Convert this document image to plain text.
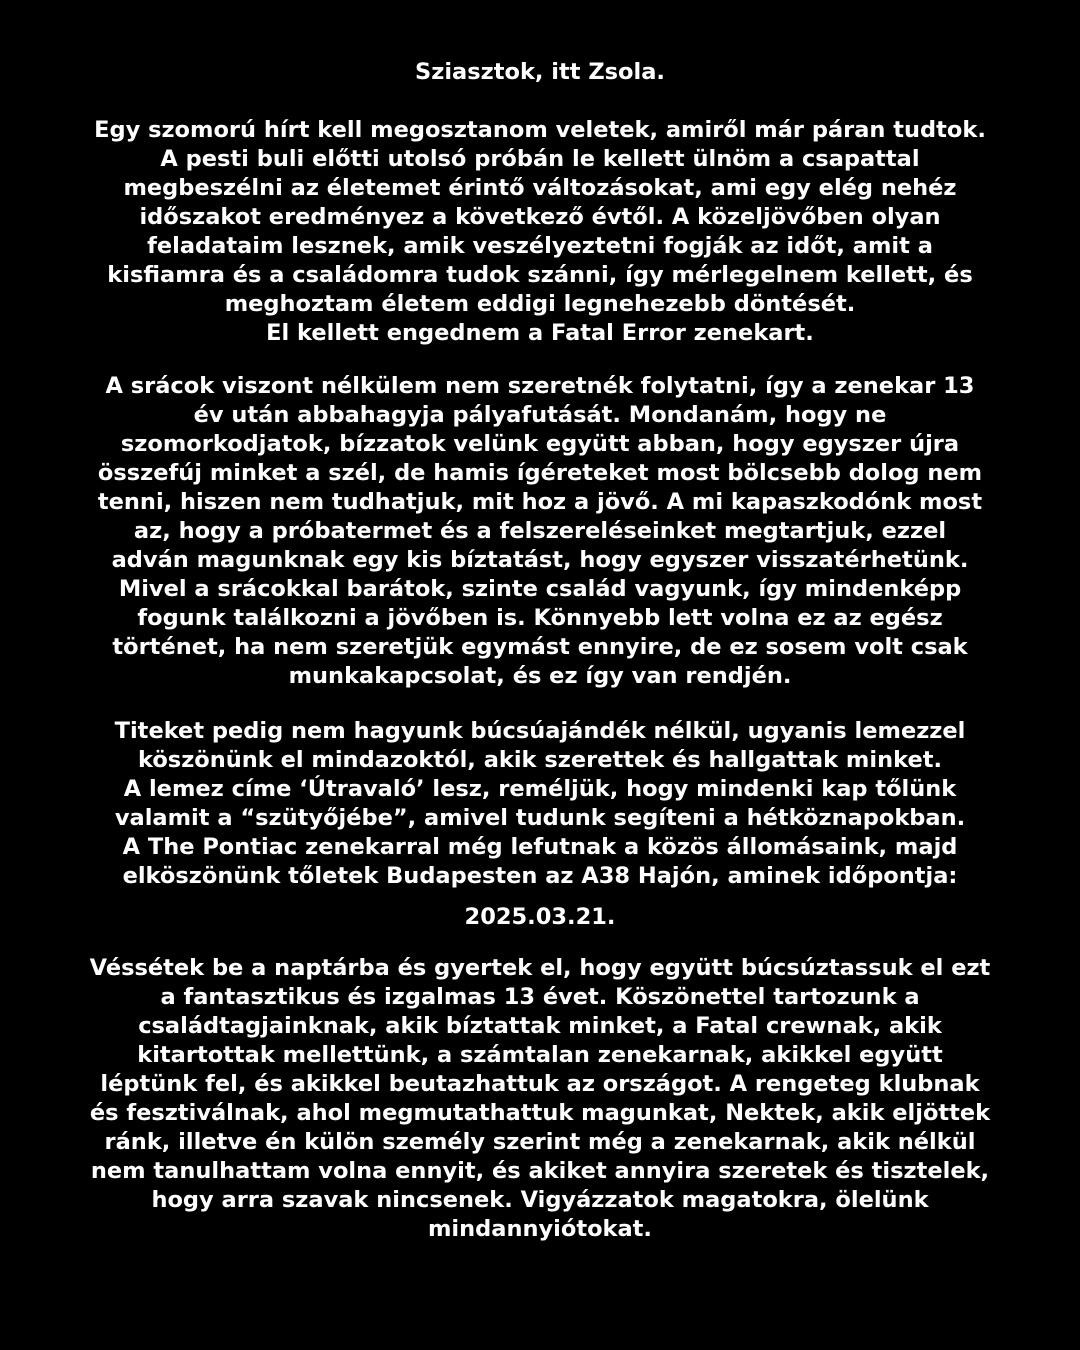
Sziasztok, itt Zsola.
Egy szomorú hírt kell megosztanom veletek, amiről már páran tudtok.
A pesti buli előtti utolsó próbán le kellett ülnöm a csapattal
megbeszélni az életemet érintő változásokat, ami egy elég nehéz
időszakot eredményez a következő évtől. A közeljövőben olyan
feladataim lesznek, amik veszélyeztetni fogják az időt, amit a
kisfiamra és a családomra tudok szánni, így mérlegelnem kellett, és
meghoztam életem eddigi legnehezebb döntését.
El kellett engednem a Fatal Error zenekart.
A srácok viszont nélkülem nem szeretnék folytatni, így a zenekar 13
év után abbahagyja pályafutását. Mondanám, hogy ne
szomorkodjatok, bízzatok velünk együtt abban, hogy egyszer újra
összefúj minket a szél, de hamis ígéreteket most bölcsebb dolog nem
tenni, hiszen nem tudhatjuk, mit hoz a jövő. A mi kapaszkodónk most
az, hogy a próbatermet és a felszereléseinket megtartjuk, ezzel
adván magunknak egy kis bíztatást, hogy egyszer visszatérhetünk.
Mivel a srácokkal barátok, szinte család vagyunk, így mindenképp
fogunk találkozni a jövőben is. Könnyebb lett volna ez az egész
történet, ha nem szeretjük egymást ennyire, de ez sosem volt csak
munkakapcsolat, és ez így van rendjén.
Titeket pedig nem hagyunk búcsúajándék nélkül, ugyanis lemezzel
köszönünk el mindazoktól, akik szerettek és hallgattak minket.
A lemez címe ‘Útravaló’ lesz, reméljük, hogy mindenki kap tőlünk
valamit a “szütyőjébe”, amivel tudunk segíteni a hétköznapokban.
A The Pontiac zenekarral még lefutnak a közös állomásaink, majd
elköszönünk tőletek Budapesten az A38 Hajón, aminek időpontja:
2025.03.21.
Véssétek be a naptárba és gyertek el, hogy együtt búcsúztassuk el ezt
a fantasztikus és izgalmas 13 évet. Köszönettel tartozunk a
családtagjainknak, akik bíztattak minket, a Fatal crewnak, akik
kitartottak mellettünk, a számtalan zenekarnak, akikkel együtt
léptünk fel, és akikkel beutazhattuk az országot. A rengeteg klubnak
és fesztiválnak, ahol megmutathattuk magunkat, Nektek, akik eljöttek
ránk, illetve én külön személy szerint még a zenekarnak, akik nélkül
nem tanulhattam volna ennyit, és akiket annyira szeretek és tisztelek,
hogy arra szavak nincsenek. Vigyázzatok magatokra, ölelünk
mindannyiótokat.
